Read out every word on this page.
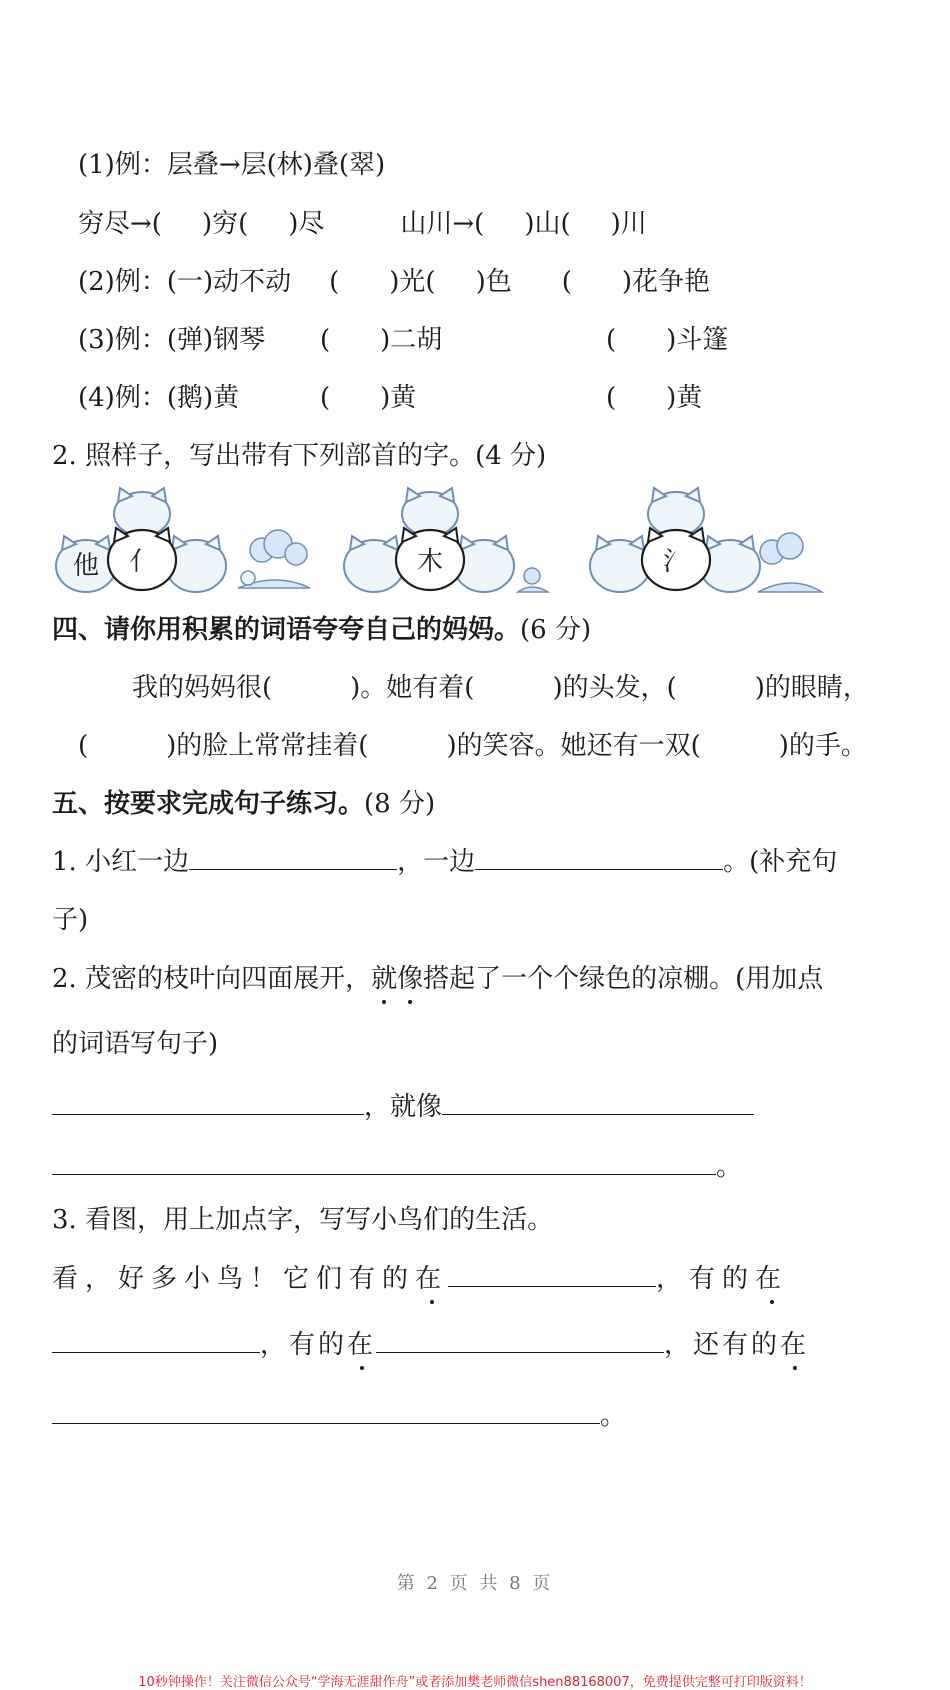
(1)例：层叠→层(林)叠(翠)
穷尽→( )穷( )尽	山川→( )山( )川
(2)例：(一)动不动 ( )光( )色 ( )花争艳
(3)例：(弹)钢琴 ( )二胡	( )斗篷
(4)例：(鹅)黄	( )黄	( )黄
2. 照样子，写出带有下列部首的字。(4 分)
他 亻	木	氵
四、请你用积累的词语夸夸自己的妈妈。(6 分)
我的妈妈很(	)。她有着(	)的头发，(	)的眼睛，
(	)的脸上常常挂着(	)的笑容。她还有一双(	)的手。
五、按要求完成句子练习。(8 分)
1. 小红一边	，一边	。(补充句
子)
2. 茂密的枝叶向四面展开，就像搭起了一个个绿色的凉棚。(用加点
的词语写句子)
，就像
。
3. 看图，用上加点字，写写小鸟们的生活。
看，好多小鸟！它们有的在	，有的在
，有的在	，还有的在
。
第 2 页 共 8 页
10秒钟操作！关注微信公众号“学海无涯甜作舟”或者添加樊老师微信shen88168007，免费提供完整可打印版资料！
